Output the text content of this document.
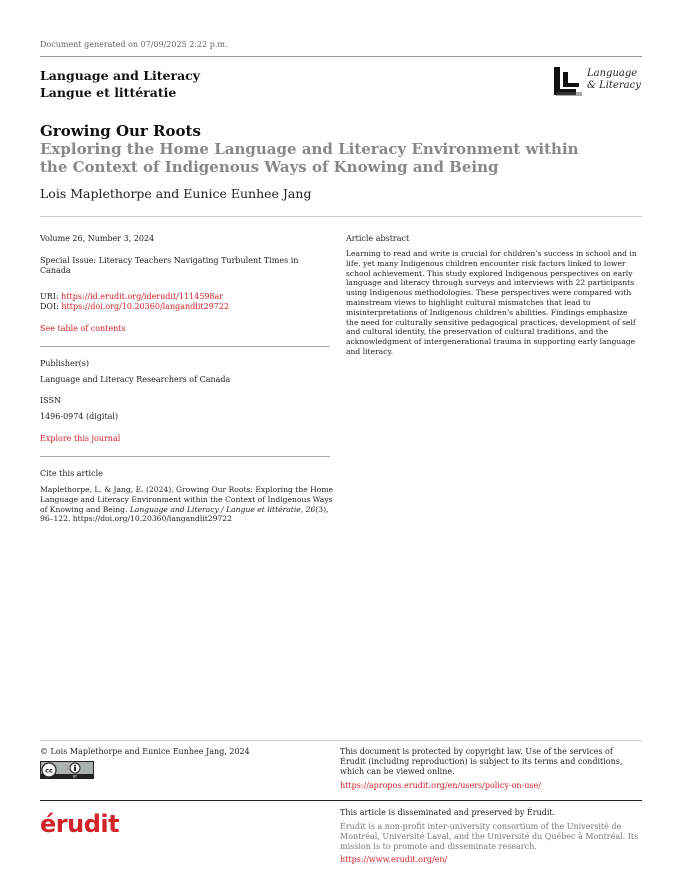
Document generated on 07/09/2025 2:22 p.m.
Language and Literacy
Langue et littératie
Language
& Literacy
Growing Our Roots
Exploring the Home Language and Literacy Environment within the Context of Indigenous Ways of Knowing and Being
Lois Maplethorpe and Eunice Eunhee Jang
Volume 26, Number 3, 2024
Special Issue: Literacy Teachers Navigating Turbulent Times in Canada
URI: https://id.erudit.org/iderudit/1114598ar
DOI: https://doi.org/10.20360/langandlit29722
See table of contents
Publisher(s)
Language and Literacy Researchers of Canada
ISSN
1496-0974 (digital)
Explore this journal
Cite this article
Maplethorpe, L. & Jang, E. (2024). Growing Our Roots: Exploring the Home Language and Literacy Environment within the Context of Indigenous Ways of Knowing and Being. Language and Literacy / Langue et littératie, 26(3), 96–122. https://doi.org/10.20360/langandlit29722
Article abstract
Learning to read and write is crucial for children’s success in school and in life, yet many Indigenous children encounter risk factors linked to lower school achievement. This study explored Indigenous perspectives on early language and literacy through surveys and interviews with 22 participants using Indigenous methodologies. These perspectives were compared with mainstream views to highlight cultural mismatches that lead to misinterpretations of Indigenous children’s abilities. Findings emphasize the need for culturally sensitive pedagogical practices, development of self and cultural identity, the preservation of cultural traditions, and the acknowledgment of intergenerational trauma in supporting early language and literacy.
© Lois Maplethorpe and Eunice Eunhee Jang, 2024
cc
BY
This document is protected by copyright law. Use of the services of Érudit (including reproduction) is subject to its terms and conditions, which can be viewed online.
https://apropos.erudit.org/en/users/policy-on-use/
érudit	This article is disseminated and preserved by Érudit.
Érudit is a non-profit inter-university consortium of the Université de Montréal, Université Laval, and the Université du Québec à Montréal. Its mission is to promote and disseminate research.
https://www.erudit.org/en/
